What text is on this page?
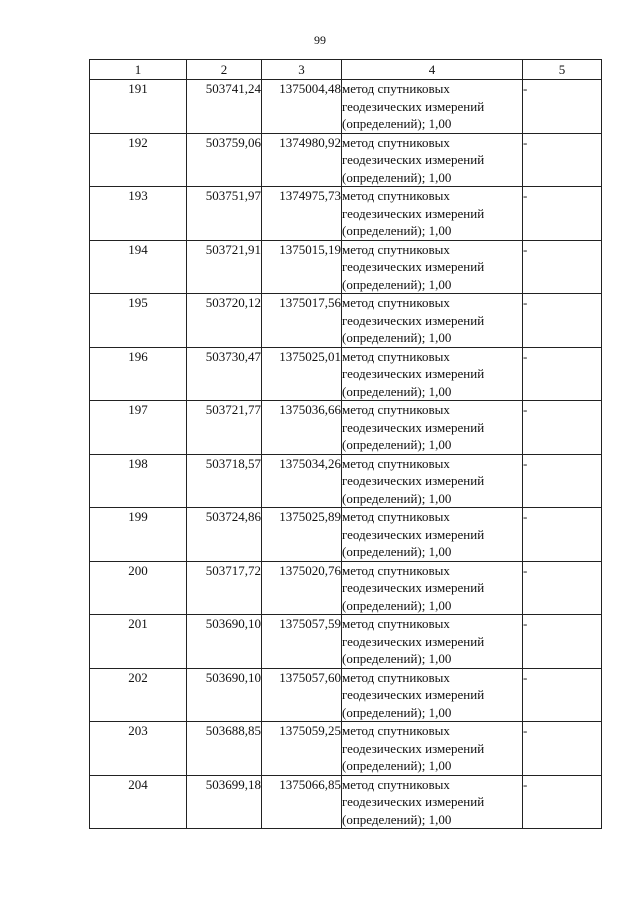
99
1	2	3	4	5
191	503741,24	1375004,48	метод спутниковых геодезических измерений (определений); 1,00	-
192	503759,06	1374980,92	метод спутниковых геодезических измерений (определений); 1,00	-
193	503751,97	1374975,73	метод спутниковых геодезических измерений (определений); 1,00	-
194	503721,91	1375015,19	метод спутниковых геодезических измерений (определений); 1,00	-
195	503720,12	1375017,56	метод спутниковых геодезических измерений (определений); 1,00	-
196	503730,47	1375025,01	метод спутниковых геодезических измерений (определений); 1,00	-
197	503721,77	1375036,66	метод спутниковых геодезических измерений (определений); 1,00	-
198	503718,57	1375034,26	метод спутниковых геодезических измерений (определений); 1,00	-
199	503724,86	1375025,89	метод спутниковых геодезических измерений (определений); 1,00	-
200	503717,72	1375020,76	метод спутниковых геодезических измерений (определений); 1,00	-
201	503690,10	1375057,59	метод спутниковых геодезических измерений (определений); 1,00	-
202	503690,10	1375057,60	метод спутниковых геодезических измерений (определений); 1,00	-
203	503688,85	1375059,25	метод спутниковых геодезических измерений (определений); 1,00	-
204	503699,18	1375066,85	метод спутниковых геодезических измерений (определений); 1,00	-
